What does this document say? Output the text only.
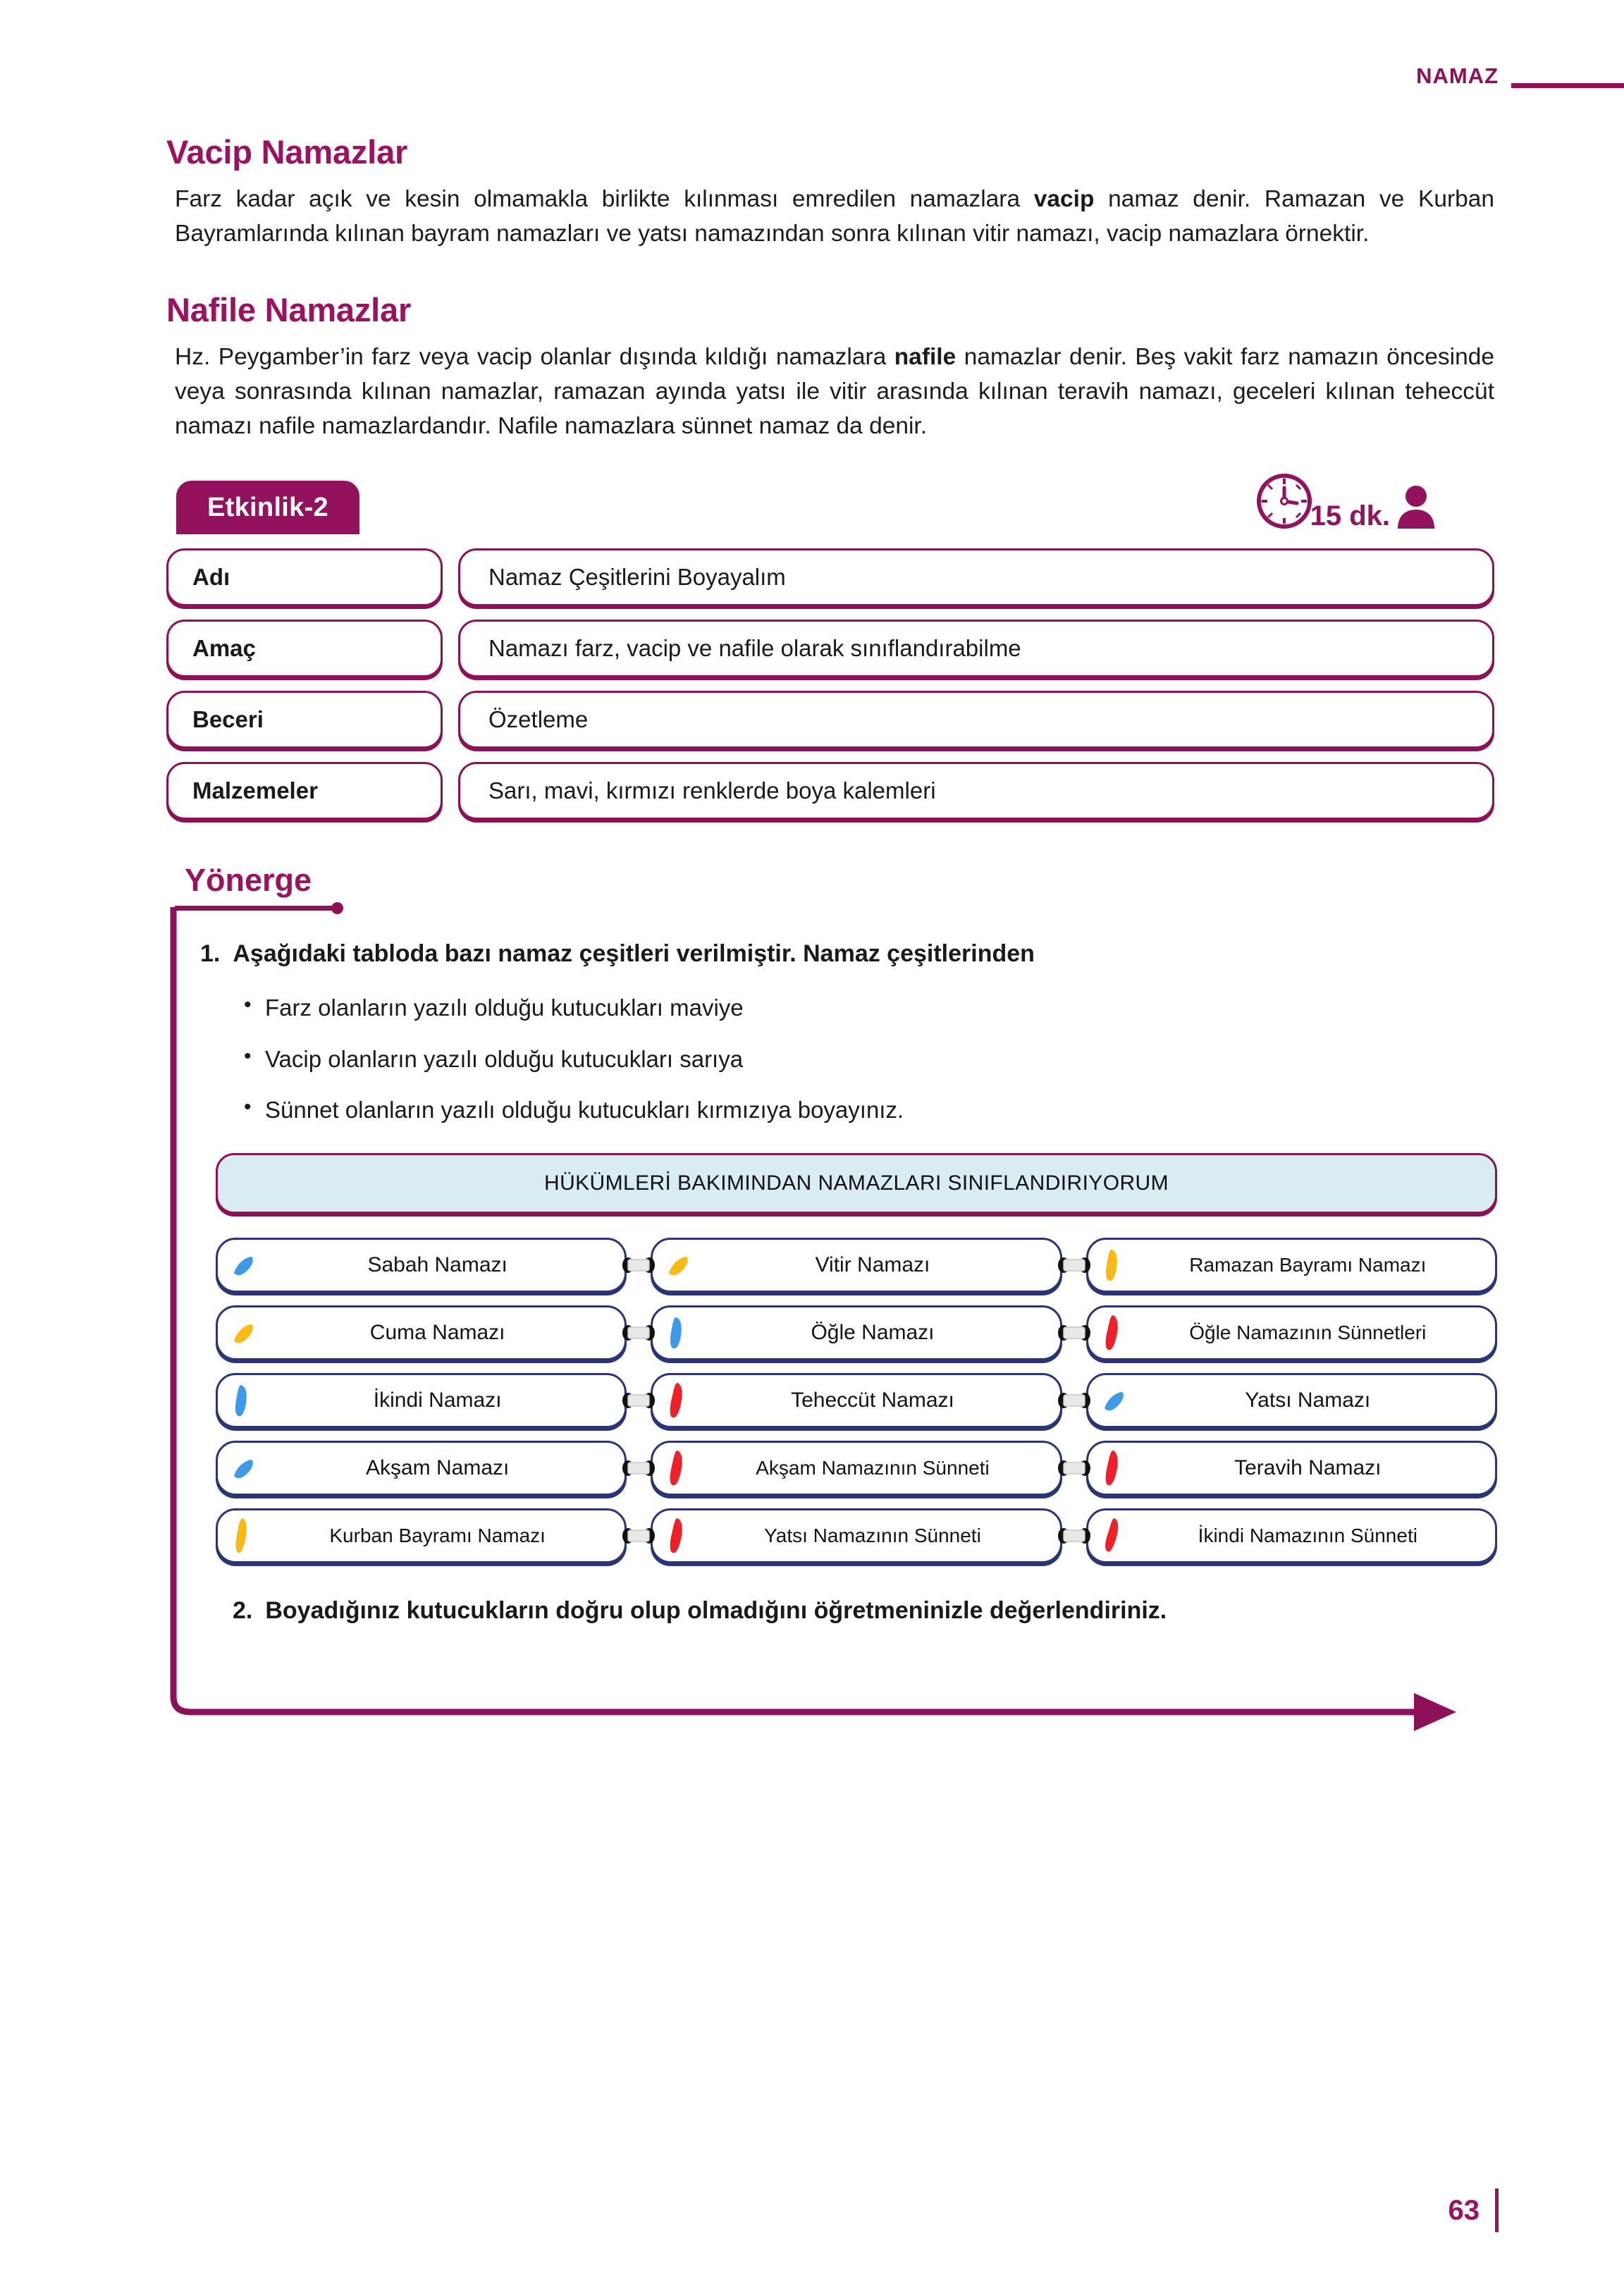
NAMAZ
Vacip Namazlar

Farz kadar açık ve kesin olmamakla birlikte kılınması emredilen namazlara vacip namaz denir. Ramazan ve Kurban Bayramlarında kılınan bayram namazları ve yatsı namazından sonra kılınan vitir namazı, vacip namazlara örnektir.

Nafile Namazlar

Hz. Peygamber’in farz veya vacip olanlar dışında kıldığı namazlara nafile namazlar denir. Beş vakit farz namazın öncesinde veya sonrasında kılınan namazlar, ramazan ayında yatsı ile vitir arasında kılınan teravih namazı, geceleri kılınan teheccüt namazı nafile namazlardandır. Nafile namazlara sünnet namaz da denir.

Etkinlik-2	15 dk.
Adı	Namaz Çeşitlerini Boyayalım
Amaç	Namazı farz, vacip ve nafile olarak sınıflandırabilme
Beceri	Özetleme
Malzemeler	Sarı, mavi, kırmızı renklerde boya kalemleri
Yönerge
1. Aşağıdaki tabloda bazı namaz çeşitleri verilmiştir. Namaz çeşitlerinden
• Farz olanların yazılı olduğu kutucukları maviye
• Vacip olanların yazılı olduğu kutucukları sarıya
• Sünnet olanların yazılı olduğu kutucukları kırmızıya boyayınız.
HÜKÜMLERİ BAKIMINDAN NAMAZLARI SINIFLANDIRIYORUM
Sabah Namazı	Vitir Namazı	Ramazan Bayramı Namazı
Cuma Namazı	Öğle Namazı	Öğle Namazının Sünnetleri
İkindi Namazı	Teheccüt Namazı	Yatsı Namazı
Akşam Namazı	Akşam Namazının Sünneti	Teravih Namazı
Kurban Bayramı Namazı	Yatsı Namazının Sünneti	İkindi Namazının Sünneti
2. Boyadığınız kutucukların doğru olup olmadığını öğretmeninizle değerlendiriniz.
63
